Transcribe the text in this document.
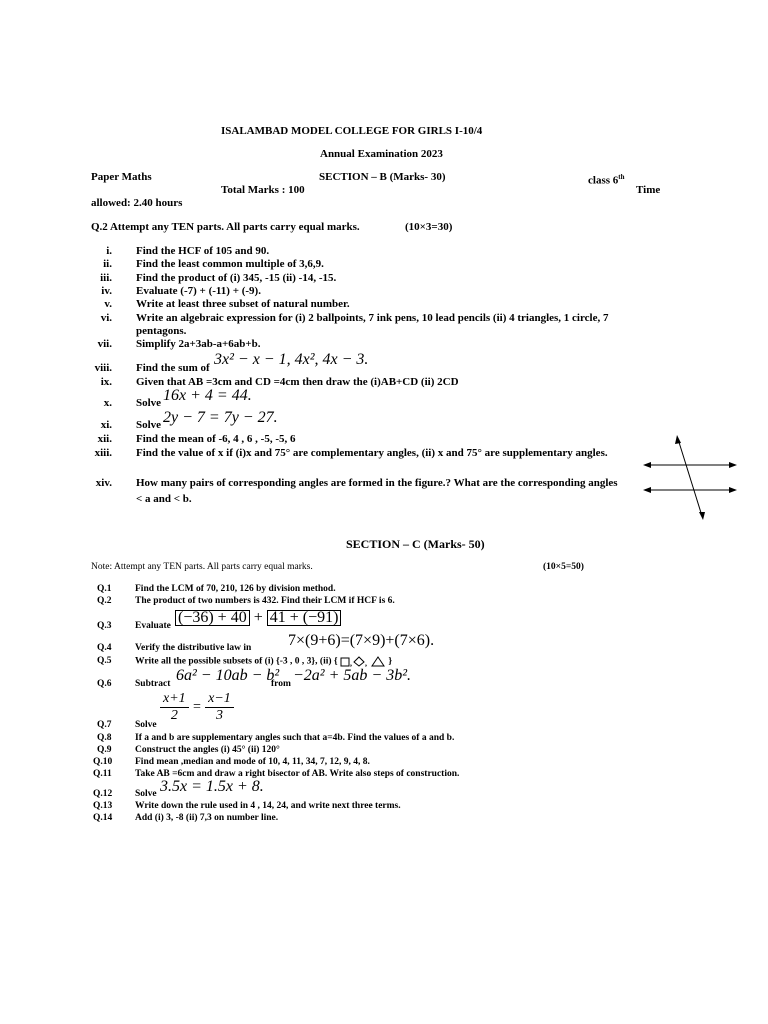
ISALAMBAD MODEL COLLEGE FOR GIRLS I-10/4
Annual Examination 2023
Paper Maths	SECTION – B (Marks- 30)	class 6th
Total Marks : 100	Time
allowed: 2.40 hours
Q.2 Attempt any TEN parts. All parts carry equal marks.	(10×3=30)
i. Find the HCF of 105 and 90.
ii. Find the least common multiple of 3,6,9.
iii. Find the product of (i) 345, -15 (ii) -14, -15.
iv. Evaluate (-7) + (-11) + (-9).
v. Write at least three subset of natural number.
vi. Write an algebraic expression for (i) 2 ballpoints, 7 ink pens, 10 lead pencils (ii) 4 triangles, 1 circle, 7
pentagons.
vii. Simplify 2a+3ab-a+6ab+b.
viii. Find the sum of 3x² − x − 1, 4x², 4x − 3.
ix. Given that AB =3cm and CD =4cm then draw the (i)AB+CD (ii) 2CD
x. Solve 16x + 4 = 44.
xi. Solve 2y − 7 = 7y − 27.
xii. Find the mean of -6, 4 , 6 , -5, -5, 6
xiii. Find the value of x if (i)x and 75° are complementary angles, (ii) x and 75° are supplementary angles.
xiv. How many pairs of corresponding angles are formed in the figure.? What are the corresponding angles
< a and < b.
SECTION – C (Marks- 50)
Note: Attempt any TEN parts. All parts carry equal marks.	(10×5=50)
Q.1 Find the LCM of 70, 210, 126 by division method.
Q.2 The product of two numbers is 432. Find their LCM if HCF is 6.
Q.3 Evaluate (−36) + 40 + 41 + (−91)
Q.4 Verify the distributive law in 7×(9+6)=(7×9)+(7×6).
Q.5 Write all the possible subsets of (i) {-3 , 0 , 3}, (ii) { , , }
Q.6 Subtract 6a² − 10ab − b²
from −2a² + 5ab − 3b².
Q.7 Solve
$\frac{x+1}{2} = \frac{x-1}{3}$
Q.8 If a and b are supplementary angles such that a=4b. Find the values of a and b.
Q.9 Construct the angles (i) 45° (ii) 120°
Q.10 Find mean ,median and mode of 10, 4, 11, 34, 7, 12, 9, 4, 8.
Q.11 Take AB =6cm and draw a right bisector of AB. Write also steps of construction.
Q.12 Solve 3.5x = 1.5x + 8.
Q.13 Write down the rule used in 4 , 14, 24, and write next three terms.
Q.14 Add (i) 3, -8 (ii) 7,3 on number line.
